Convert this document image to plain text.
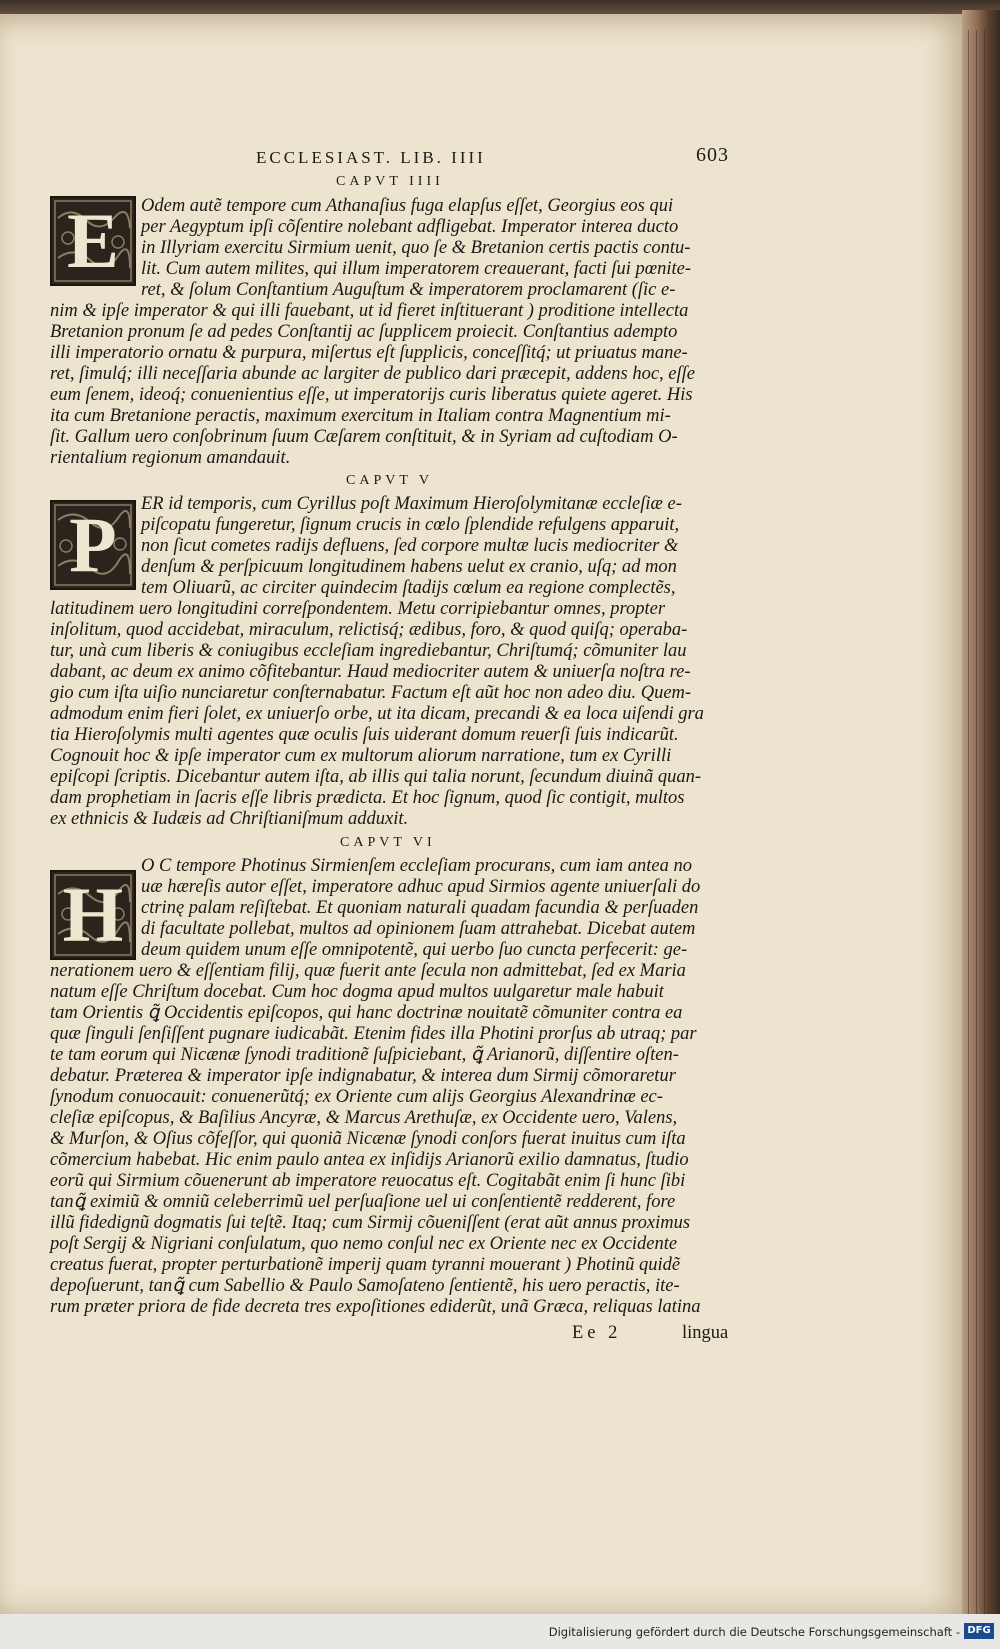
ECCLESIAST. LIB. IIII	603
CAPVT IIII
E	Odem autẽ tempore cum Athanaſius fuga elapſus eſſet, Georgius eos qui
per Aegyptum ipſi cõſentire nolebant adfligebat. Imperator interea ducto
in Illyriam exercitu Sirmium uenit, quo ſe & Bretanion certis pactis contu-
lit. Cum autem milites, qui illum imperatorem creauerant, facti ſui pœnite-
ret, & ſolum Conſtantium Auguſtum & imperatorem proclamarent (ſic e-
nim & ipſe imperator & qui illi fauebant, ut id fieret inſtituerant ) proditione intellecta
Bretanion pronum ſe ad pedes Conſtantij ac ſupplicem proiecit. Conſtantius adempto
illi imperatorio ornatu & purpura, miſertus eſt ſupplicis, conceſſitq́; ut priuatus mane-
ret, ſimulq́; illi neceſſaria abunde ac largiter de publico dari præcepit, addens hoc, eſſe
eum ſenem, ideoq́; conuenientius eſſe, ut imperatorijs curis liberatus quiete ageret. His
ita cum Bretanione peractis, maximum exercitum in Italiam contra Magnentium mi-
ſit. Gallum uero conſobrinum ſuum Cæſarem conſtituit, & in Syriam ad cuſtodiam O-
rientalium regionum amandauit.
CAPVT V
P	ER id temporis, cum Cyrillus poſt Maximum Hieroſolymitanæ eccleſiæ e-
piſcopatu fungeretur, ſignum crucis in cœlo ſplendide refulgens apparuit,
non ſicut cometes radijs defluens, ſed corpore multæ lucis mediocriter &
denſum & perſpicuum longitudinem habens uelut ex cranio, uſq; ad mon
tem Oliuarũ, ac circiter quindecim ſtadijs cœlum ea regione complectẽs,
latitudinem uero longitudini correſpondentem. Metu corripiebantur omnes, propter
inſolitum, quod accidebat, miraculum, relictisq́; ædibus, foro, & quod quiſq; operaba-
tur, unà cum liberis & coniugibus eccleſiam ingrediebantur, Chriſtumq́; cõmuniter lau
dabant, ac deum ex animo cõfitebantur. Haud mediocriter autem & uniuerſa noſtra re-
gio cum iſta uiſio nunciaretur conſternabatur. Factum eſt aũt hoc non adeo diu. Quem-
admodum enim fieri ſolet, ex uniuerſo orbe, ut ita dicam, precandi & ea loca uiſendi gra
tia Hieroſolymis multi agentes quæ oculis ſuis uiderant domum reuerſi ſuis indicarũt.
Cognouit hoc & ipſe imperator cum ex multorum aliorum narratione, tum ex Cyrilli
epiſcopi ſcriptis. Dicebantur autem iſta, ab illis qui talia norunt, ſecundum diuinã quan-
dam prophetiam in ſacris eſſe libris prædicta. Et hoc ſignum, quod ſic contigit, multos
ex ethnicis & Iudæis ad Chriſtianiſmum adduxit.
CAPVT VI
H
O C tempore Photinus Sirmienſem eccleſiam procurans, cum iam antea no
uæ hæreſis autor eſſet, imperatore adhuc apud Sirmios agente uniuerſali do
ctrinę palam reſiſtebat. Et quoniam naturali quadam facundia & perſuaden
di facultate pollebat, multos ad opinionem ſuam attrahebat. Dicebat autem
deum quidem unum eſſe omnipotentẽ, qui uerbo ſuo cuncta perfecerit: ge-
nerationem uero & eſſentiam filij, quæ fuerit ante ſecula non admittebat, ſed ex Maria
natum eſſe Chriſtum docebat. Cum hoc dogma apud multos uulgaretur male habuit
tam Orientis ꝗ̃ Occidentis epiſcopos, qui hanc doctrinæ nouitatẽ cõmuniter contra ea
quæ ſinguli ſenſiſſent pugnare iudicabãt. Etenim fides illa Photini prorſus ab utraq; par
te tam eorum qui Nicænæ ſynodi traditionẽ ſuſpiciebant, ꝗ̃ Arianorũ, diſſentire oſten-
debatur. Præterea & imperator ipſe indignabatur, & interea dum Sirmij cõmoraretur
ſynodum conuocauit: conuenerũtq́; ex Oriente cum alijs Georgius Alexandrinæ ec-
cleſiæ epiſcopus, & Baſilius Ancyræ, & Marcus Arethuſæ, ex Occidente uero, Valens,
& Murſon, & Oſius cõfeſſor, qui quoniã Nicænæ ſynodi conſors fuerat inuitus cum iſta
cõmercium habebat. Hic enim paulo antea ex inſidijs Arianorũ exilio damnatus, ſtudio
eorũ qui Sirmium cõuenerunt ab imperatore reuocatus eſt. Cogitabãt enim ſi hunc ſibi
tanꝗ̃ eximiũ & omniũ celeberrimũ uel perſuaſione uel ui conſentientẽ redderent, fore
illũ fidedignũ dogmatis ſui teſtẽ. Itaq; cum Sirmij cõueniſſent (erat aũt annus proximus
poſt Sergij & Nigriani conſulatum, quo nemo conſul nec ex Oriente nec ex Occidente
creatus fuerat, propter perturbationẽ imperij quam tyranni mouerant ) Photinũ quidẽ
depoſuerunt, tanꝗ̃ cum Sabellio & Paulo Samoſateno ſentientẽ, his uero peractis, ite-
rum præter priora de fide decreta tres expoſitiones ediderũt, unã Græca, reliquas latina
Ee 2	lingua
Digitalisierung gefördert durch die Deutsche Forschungsgemeinschaft - DFG
